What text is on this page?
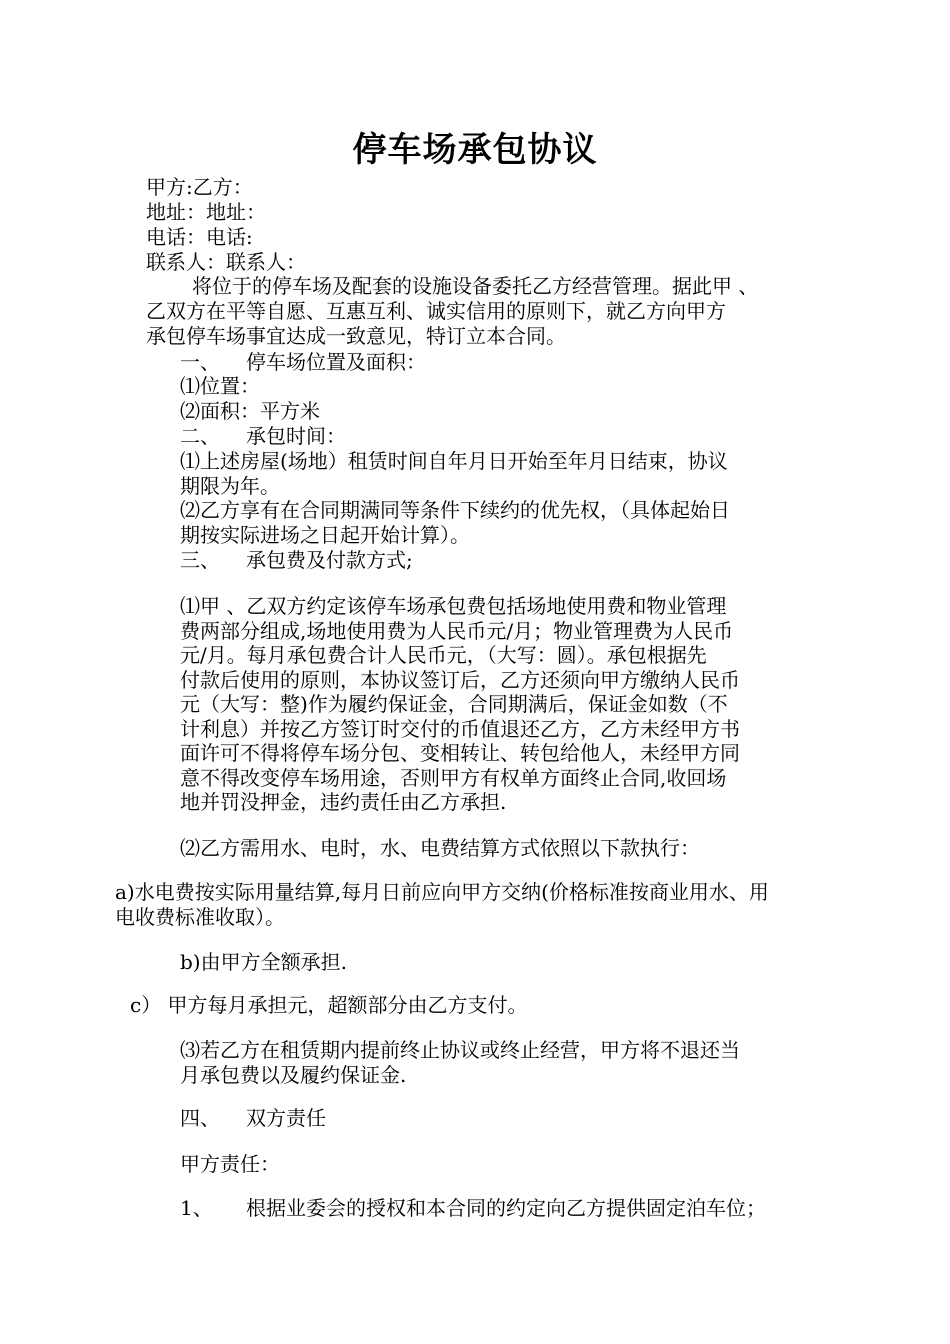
停车场承包协议
甲方:乙方：
地址：地址：
电话：电话:
联系人：联系人：
将位于的停车场及配套的设施设备委托乙方经营管理。据此甲 、
乙双方在平等自愿、互惠互利、诚实信用的原则下，就乙方向甲方
承包停车场事宜达成一致意见，特订立本合同。
一、 停车场位置及面积：
⑴位置：
⑵面积：平方米
二、 承包时间：
⑴上述房屋(场地）租赁时间自年月日开始至年月日结束，协议
期限为年。
⑵乙方享有在合同期满同等条件下续约的优先权，（具体起始日
期按实际进场之日起开始计算）。
三、 承包费及付款方式;
⑴甲 、乙双方约定该停车场承包费包括场地使用费和物业管理
费两部分组成,场地使用费为人民币元/月；物业管理费为人民币
元/月。每月承包费合计人民币元，（大写：圆）。承包根据先
付款后使用的原则，本协议签订后，乙方还须向甲方缴纳人民币
元（大写：整)作为履约保证金，合同期满后，保证金如数（不
计利息）并按乙方签订时交付的币值退还乙方，乙方未经甲方书
面许可不得将停车场分包、变相转让、转包给他人，未经甲方同
意不得改变停车场用途，否则甲方有权单方面终止合同,收回场
地并罚没押金，违约责任由乙方承担.
⑵乙方需用水、电时，水、电费结算方式依照以下款执行：
a)水电费按实际用量结算,每月日前应向甲方交纳(价格标准按商业用水、用
电收费标准收取）。
b)由甲方全额承担.
c） 甲方每月承担元，超额部分由乙方支付。
⑶若乙方在租赁期内提前终止协议或终止经营，甲方将不退还当
月承包费以及履约保证金.
四、 双方责任
甲方责任：
1、 根据业委会的授权和本合同的约定向乙方提供固定泊车位；
